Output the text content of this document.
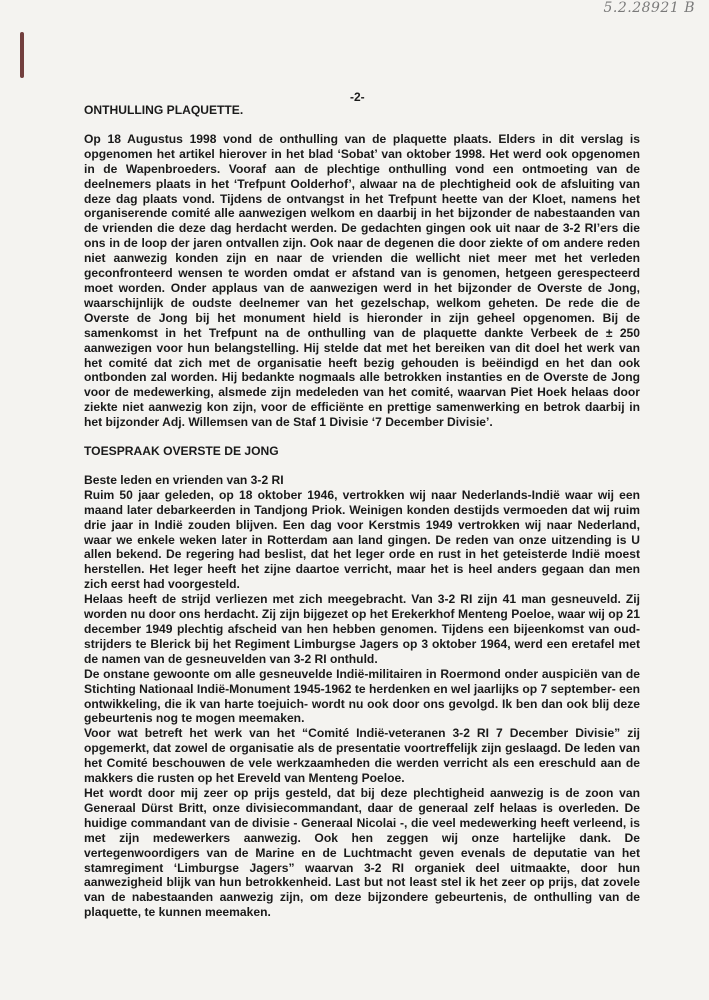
5.2.28921 B
-2-

ONTHULLING PLAQUETTE.

Op 18 Augustus 1998 vond de onthulling van de plaquette plaats. Elders in dit verslag is opgenomen het artikel hierover in het blad ‘Sobat’ van oktober 1998. Het werd ook opgenomen in de Wapenbroeders. Vooraf aan de plechtige onthulling vond een ontmoeting van de deelnemers plaats in het ‘Trefpunt Oolderhof’, alwaar na de plechtigheid ook de afsluiting van deze dag plaats vond. Tijdens de ontvangst in het Trefpunt heette van der Kloet, namens het organiserende comité alle aanwezigen welkom en daarbij in het bijzonder de nabestaanden van de vrienden die deze dag herdacht werden. De gedachten gingen ook uit naar de 3-2 RI’ers die ons in de loop der jaren ontvallen zijn. Ook naar de degenen die door ziekte of om andere reden niet aanwezig konden zijn en naar de vrienden die wellicht niet meer met het verleden geconfronteerd wensen te worden omdat er afstand van is genomen, hetgeen gerespecteerd moet worden. Onder applaus van de aanwezigen werd in het bijzonder de Overste de Jong, waarschijnlijk de oudste deelnemer van het gezelschap, welkom geheten. De rede die de Overste de Jong bij het monument hield is hieronder in zijn geheel opgenomen. Bij de samenkomst in het Trefpunt na de onthulling van de plaquette dankte Verbeek de ± 250 aanwezigen voor hun belangstelling. Hij stelde dat met het bereiken van dit doel het werk van het comité dat zich met de organisatie heeft bezig gehouden is beëindigd en het dan ook ontbonden zal worden. Hij bedankte nogmaals alle betrokken instanties en de Overste de Jong voor de medewerking, alsmede zijn medeleden van het comité, waarvan Piet Hoek helaas door ziekte niet aanwezig kon zijn, voor de efficiënte en prettige samenwerking en betrok daarbij in het bijzonder Adj. Willemsen van de Staf 1 Divisie ‘7 December Divisie’.

TOESPRAAK OVERSTE DE JONG

Beste leden en vrienden van 3-2 RI

Ruim 50 jaar geleden, op 18 oktober 1946, vertrokken wij naar Nederlands-Indië waar wij een maand later debarkeerden in Tandjong Priok. Weinigen konden destijds vermoeden dat wij ruim drie jaar in Indië zouden blijven. Een dag voor Kerstmis 1949 vertrokken wij naar Nederland, waar we enkele weken later in Rotterdam aan land gingen. De reden van onze uitzending is U allen bekend. De regering had beslist, dat het leger orde en rust in het geteisterde Indië moest herstellen. Het leger heeft het zijne daartoe verricht, maar het is heel anders gegaan dan men zich eerst had voorgesteld.

Helaas heeft de strijd verliezen met zich meegebracht. Van 3-2 RI zijn 41 man gesneuveld. Zij worden nu door ons herdacht. Zij zijn bijgezet op het Erekerkhof Menteng Poeloe, waar wij op 21 december 1949 plechtig afscheid van hen hebben genomen. Tijdens een bijeenkomst van oud-strijders te Blerick bij het Regiment Limburgse Jagers op 3 oktober 1964, werd een eretafel met de namen van de gesneuvelden van 3-2 RI onthuld.

De onstane gewoonte om alle gesneuvelde Indië-militairen in Roermond onder auspiciën van de Stichting Nationaal Indië-Monument 1945-1962 te herdenken en wel jaarlijks op 7 september- een ontwikkeling, die ik van harte toejuich- wordt nu ook door ons gevolgd. Ik ben dan ook blij deze gebeurtenis nog te mogen meemaken.

Voor wat betreft het werk van het “Comité Indië-veteranen 3-2 RI 7 December Divisie” zij opgemerkt, dat zowel de organisatie als de presentatie voortreffelijk zijn geslaagd. De leden van het Comité beschouwen de vele werkzaamheden die werden verricht als een ereschuld aan de makkers die rusten op het Ereveld van Menteng Poeloe.

Het wordt door mij zeer op prijs gesteld, dat bij deze plechtigheid aanwezig is de zoon van Generaal Dürst Britt, onze divisiecommandant, daar de generaal zelf helaas is overleden. De huidige commandant van de divisie - Generaal Nicolai -, die veel medewerking heeft verleend, is met zijn medewerkers aanwezig. Ook hen zeggen wij onze hartelijke dank. De vertegenwoordigers van de Marine en de Luchtmacht geven evenals de deputatie van het stamregiment ‘Limburgse Jagers” waarvan 3-2 RI organiek deel uitmaakte, door hun aanwezigheid blijk van hun betrokkenheid. Last but not least stel ik het zeer op prijs, dat zovele van de nabestaanden aanwezig zijn, om deze bijzondere gebeurtenis, de onthulling van de plaquette, te kunnen meemaken.
